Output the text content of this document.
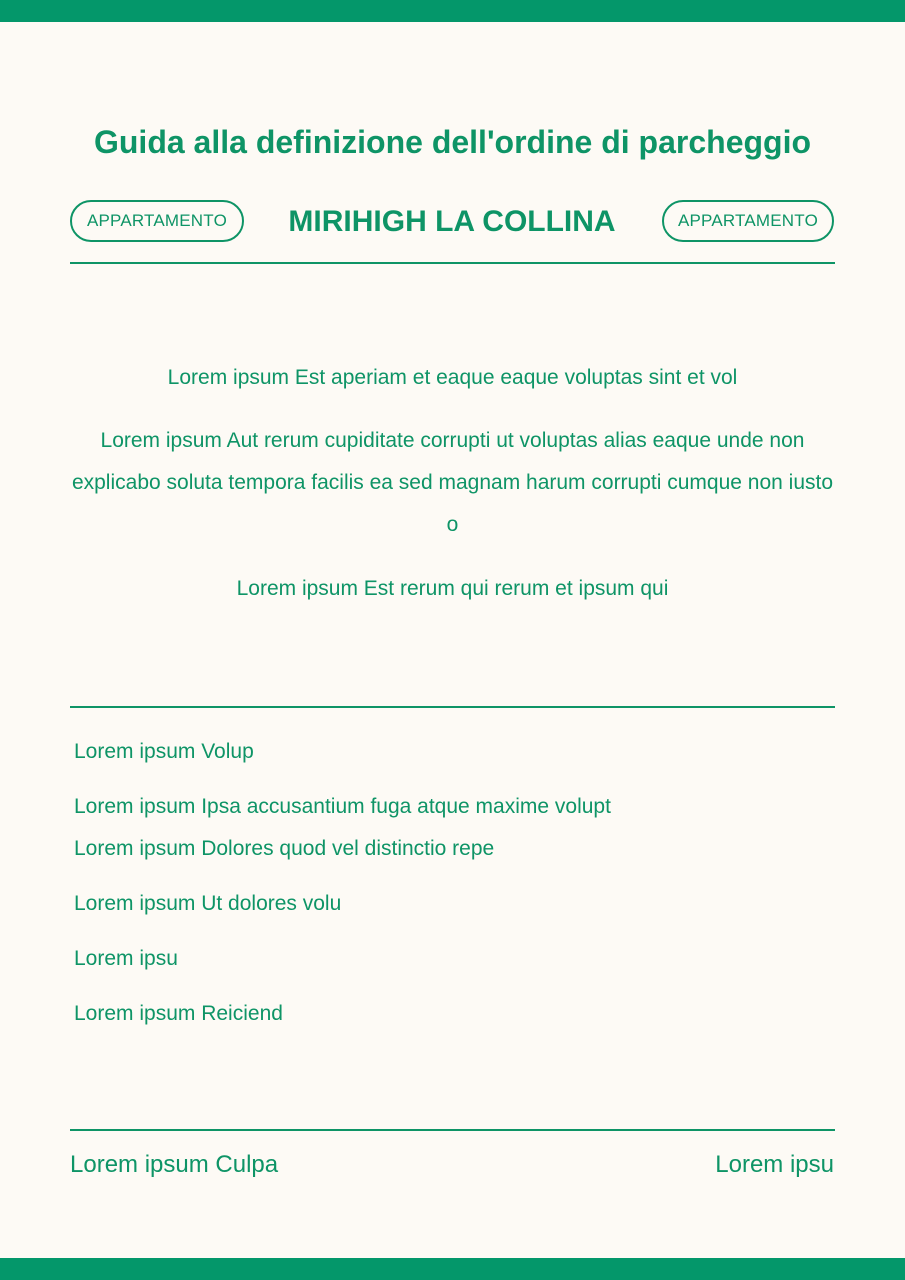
Guida alla definizione dell'ordine di parcheggio
APPARTAMENTO	MIRIHIGH LA COLLINA	APPARTAMENTO
Lorem ipsum Est aperiam et eaque eaque voluptas sint et vol
Lorem ipsum Aut rerum cupiditate corrupti ut voluptas alias eaque unde non explicabo soluta tempora facilis ea sed magnam harum corrupti cumque non iusto o
Lorem ipsum Est rerum qui rerum et ipsum qui
Lorem ipsum Volup
Lorem ipsum Ipsa accusantium fuga atque maxime volupt
Lorem ipsum Dolores quod vel distinctio repe
Lorem ipsum Ut dolores volu
Lorem ipsu
Lorem ipsum Reiciend
Lorem ipsum Culpa	Lorem ipsu
